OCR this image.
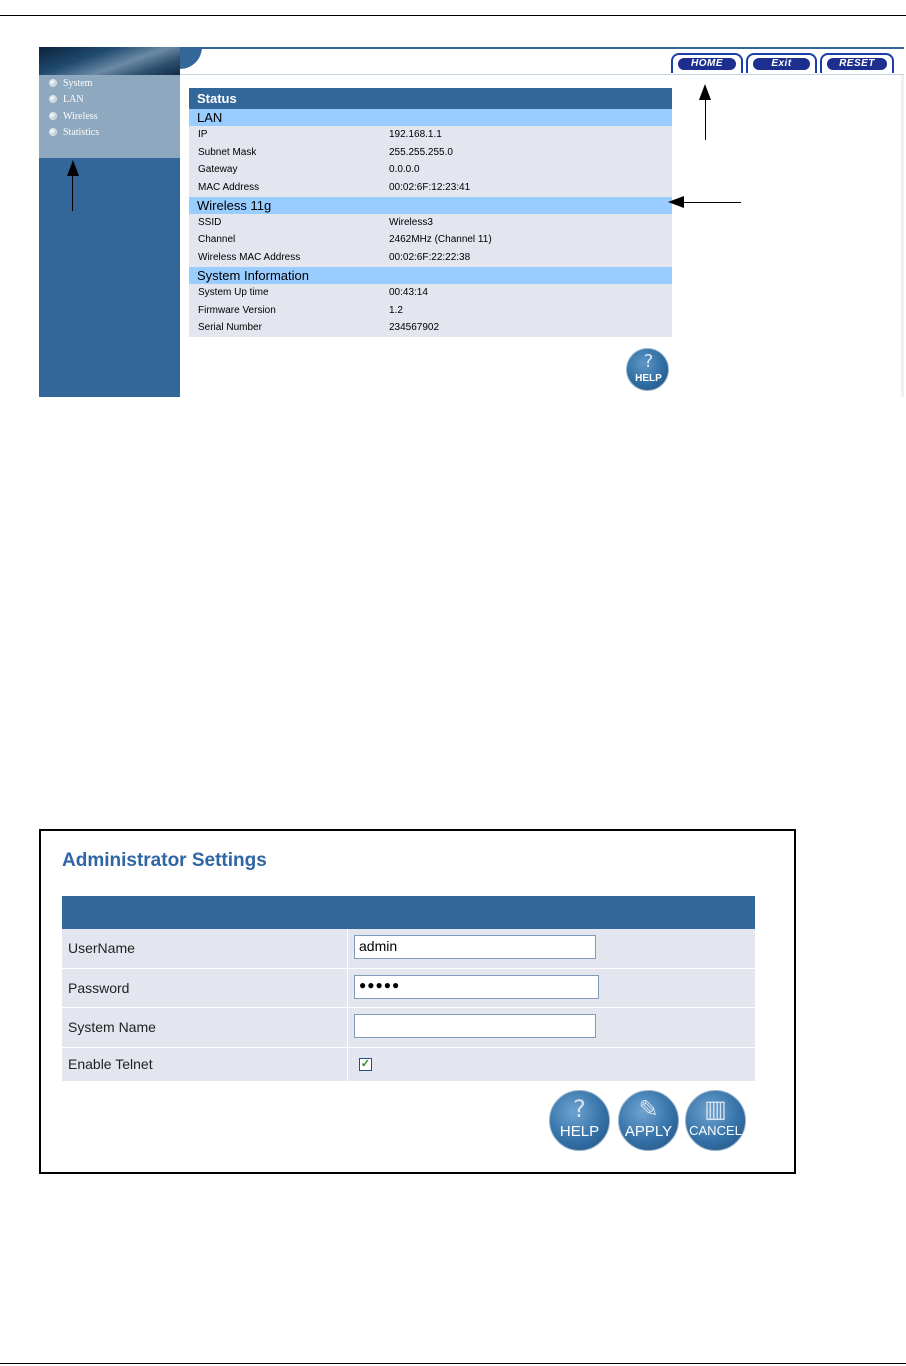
System
LAN
Wireless
Statistics
HOME	Exit	RESET
Status
LAN
IP	192.168.1.1
Subnet Mask	255.255.255.0
Gateway	0.0.0.0
MAC Address	00:02:6F:12:23:41
Wireless 11g
SSID	Wireless3
Channel	2462MHz (Channel 11)
Wireless MAC Address	00:02:6F:22:22:38
System Information
System Up time	00:43:14
Firmware Version	1.2
Serial Number	234567902
?
HELP
Administrator Settings
UserName	admin
Password	●●●●●
System Name
Enable Telnet	✓
?
HELP
✎
APPLY
▥
CANCEL
